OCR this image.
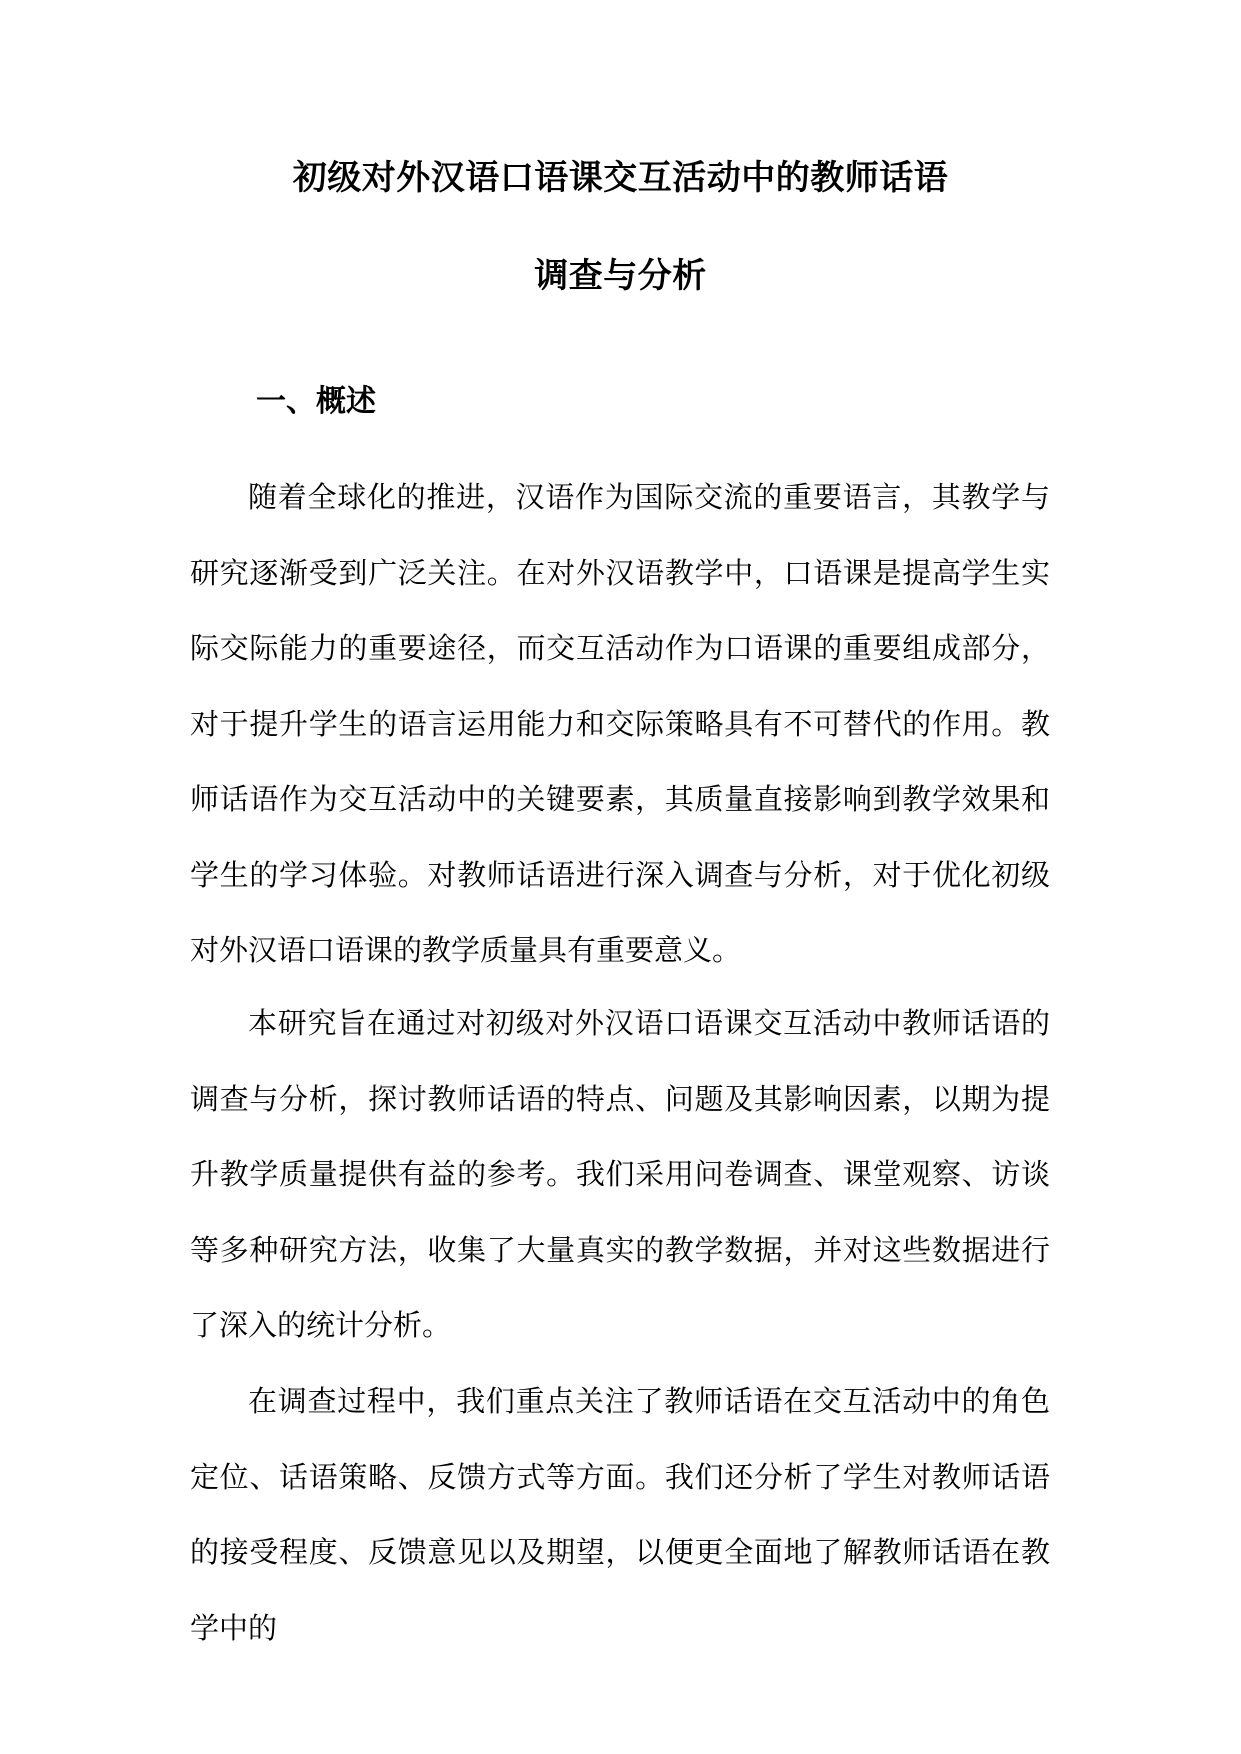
初级对外汉语口语课交互活动中的教师话语
调查与分析
一、概述

随着全球化的推进，汉语作为国际交流的重要语言，其教学与研究逐渐受到广泛关注。在对外汉语教学中，口语课是提高学生实际交际能力的重要途径，而交互活动作为口语课的重要组成部分，对于提升学生的语言运用能力和交际策略具有不可替代的作用。教师话语作为交互活动中的关键要素，其质量直接影响到教学效果和学生的学习体验。对教师话语进行深入调查与分析，对于优化初级对外汉语口语课的教学质量具有重要意义。

本研究旨在通过对初级对外汉语口语课交互活动中教师话语的调查与分析，探讨教师话语的特点、问题及其影响因素，以期为提升教学质量提供有益的参考。我们采用问卷调查、课堂观察、访谈等多种研究方法，收集了大量真实的教学数据，并对这些数据进行了深入的统计分析。

在调查过程中，我们重点关注了教师话语在交互活动中的角色定位、话语策略、反馈方式等方面。我们还分析了学生对教师话语的接受程度、反馈意见以及期望，以便更全面地了解教师话语在教学中的
